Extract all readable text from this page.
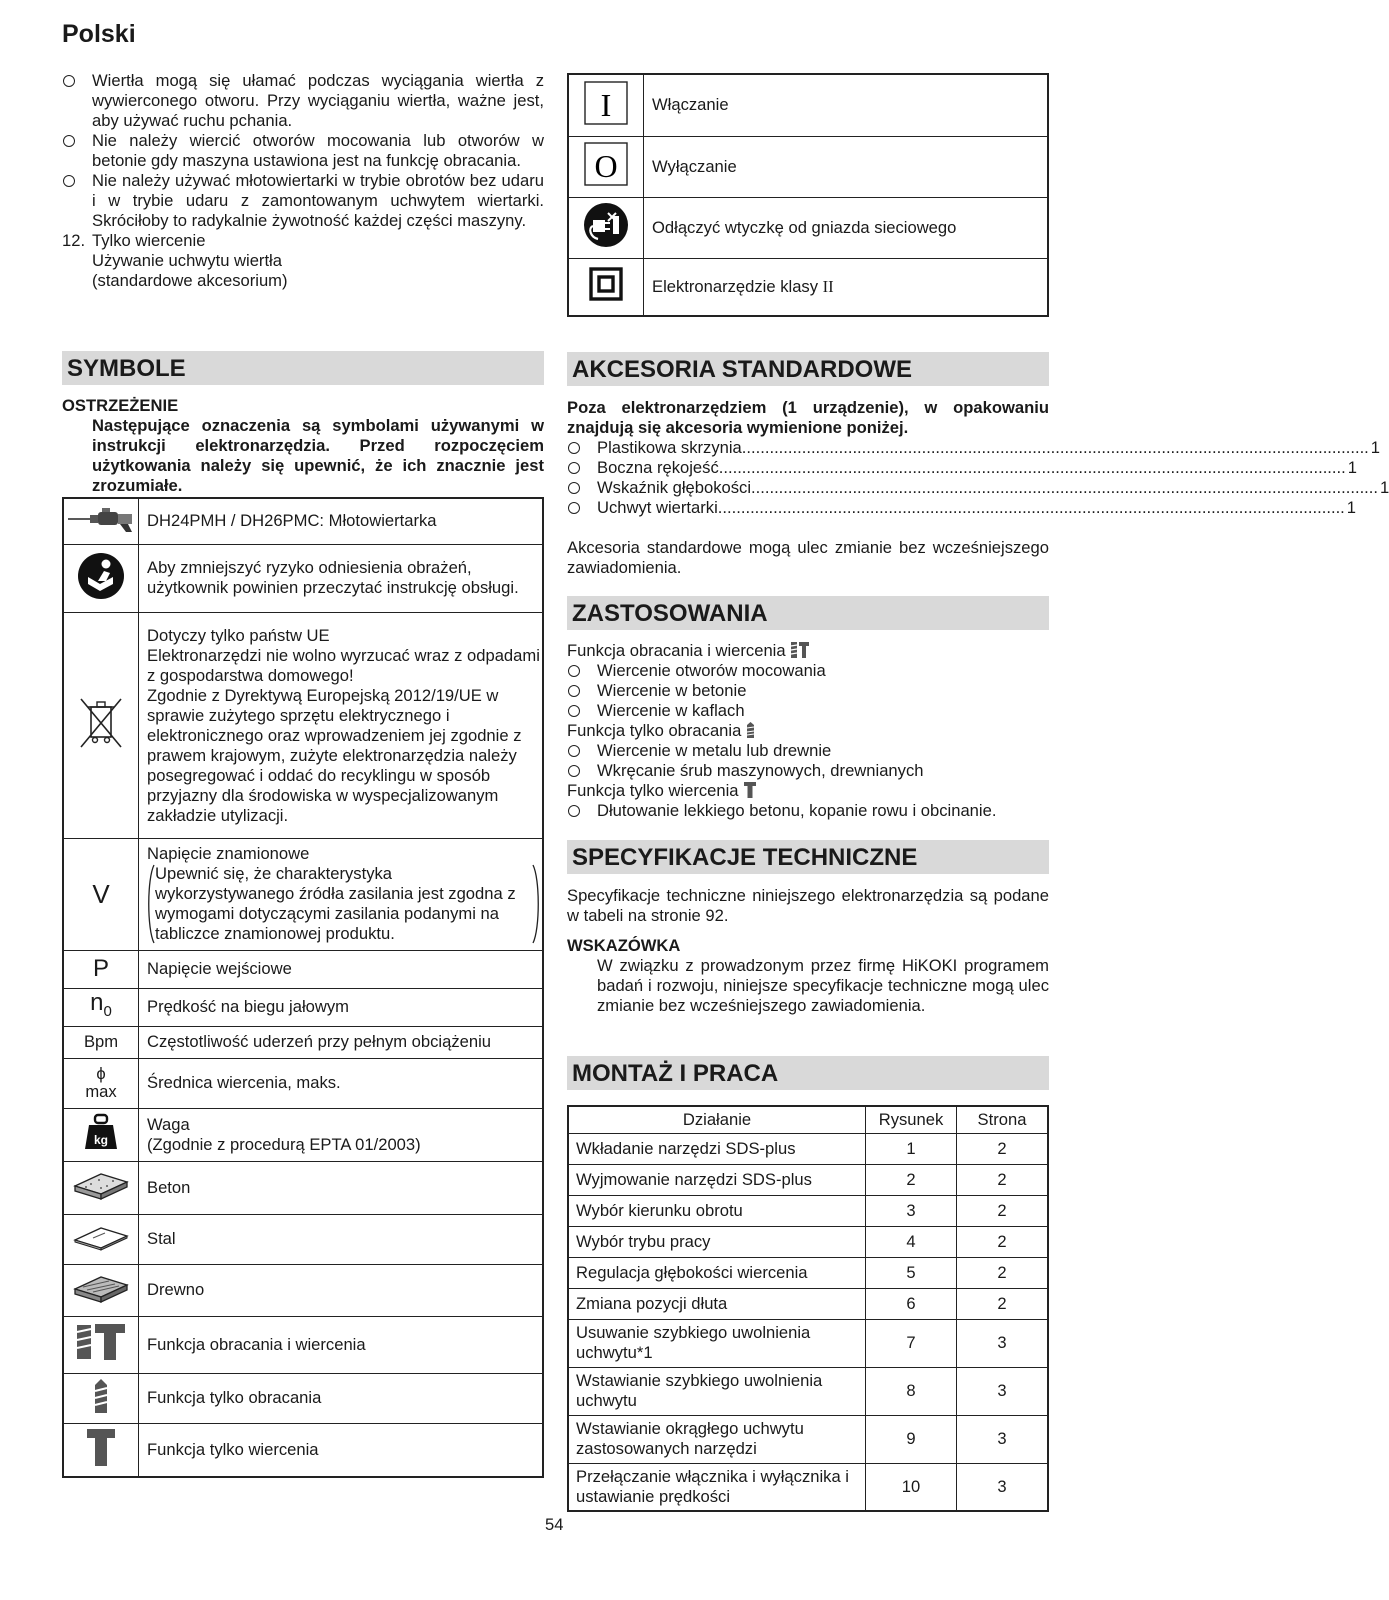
Polski
Wiertła mogą się ułamać podczas wyciągania wiertła z wywierconego otworu. Przy wyciąganiu wiertła, ważne jest, aby używać ruchu pchania.
Nie należy wiercić otworów mocowania lub otworów w betonie gdy maszyna ustawiona jest na funkcję obracania.
Nie należy używać młotowiertarki w trybie obrotów bez udaru i w trybie udaru z zamontowanym uchwytem wiertarki. Skróciłoby to radykalnie żywotność każdej części maszyny.
12. Tylko wiercenie
Używanie uchwytu wiertła
(standardowe akcesorium)
I	Włączanie

O	Wyłączanie
	Odłączyć wtyczkę od gniazda sieciowego
	Elektronarzędzie klasy II
SYMBOLE
OSTRZEŻENIE
Następujące oznaczenia są symbolami używanymi w instrukcji elektronarzędzia. Przed rozpoczęciem użytkowania należy się upewnić, że ich znacznie jest zrozumiałe.
	DH24PMH / DH26PMC: Młotowiertarka
	Aby zmniejszyć ryzyko odniesienia obrażeń, użytkownik powinien przeczytać instrukcję obsługi.
	Dotyczy tylko państw UE
Elektronarzędzi nie wolno wyrzucać wraz z odpadami z gospodarstwa domowego!
Zgodnie z Dyrektywą Europejską 2012/19/UE w sprawie zużytego sprzętu elektrycznego i elektronicznego oraz wprowadzeniem jej zgodnie z prawem krajowym, zużyte elektronarzędzia należy posegregować i oddać do recyklingu w sposób przyjazny dla środowiska w wyspecjalizowanym zakładzie utylizacji.
V	Napięcie znamionowe
Upewnić się, że charakterystyka wykorzystywanego źródła zasilania jest zgodna z wymogami dotyczącymi zasilania podanymi na tabliczce znamionowej produktu.

P	Napięcie wejściowe
$n_0$	Prędkość na biegu jałowym
Bpm	Częstotliwość uderzeń przy pełnym obciążeniu

ϕ
max	Średnica wiercenia, maks.

kg	Waga
(Zgodnie z procedurą EPTA 01/2003)
	Beton
	Stal
	Drewno
	Funkcja obracania i wiercenia
	Funkcja tylko obracania
	Funkcja tylko wiercenia
AKCESORIA STANDARDOWE
Poza elektronarzędziem (1 urządzenie), w opakowaniu znajdują się akcesoria wymienione poniżej.
Plastikowa skrzynia .....	1
Boczna rękojeść .....	1
Wskaźnik głębokości .....	1
Uchwyt wiertarki .....	1
Akcesoria standardowe mogą ulec zmianie bez wcześniejszego zawiadomienia.
ZASTOSOWANIA
Funkcja obracania i wiercenia
Wiercenie otworów mocowania
Wiercenie w betonie
Wiercenie w kaflach
Funkcja tylko obracania
Wiercenie w metalu lub drewnie
Wkręcanie śrub maszynowych, drewnianych
Funkcja tylko wiercenia
Dłutowanie lekkiego betonu, kopanie rowu i obcinanie.
SPECYFIKACJE TECHNICZNE
Specyfikacje techniczne niniejszego elektronarzędzia są podane w tabeli na stronie 92.
WSKAZÓWKA
W związku z prowadzonym przez firmę HiKOKI programem badań i rozwoju, niniejsze specyfikacje techniczne mogą ulec zmianie bez wcześniejszego zawiadomienia.
MONTAŻ I PRACA
Działanie	Rysunek	Strona
Wkładanie narzędzi SDS-plus	1	2
Wyjmowanie narzędzi SDS-plus	2	2
Wybór kierunku obrotu	3	2
Wybór trybu pracy	4	2
Regulacja głębokości wiercenia	5	2
Zmiana pozycji dłuta	6	2
Usuwanie szybkiego uwolnienia uchwytu*1	7	3
Wstawianie szybkiego uwolnienia uchwytu	8	3
Wstawianie okrągłego uchwytu zastosowanych narzędzi	9	3
Przełączanie włącznika i wyłącznika i ustawianie prędkości	10	3
54
